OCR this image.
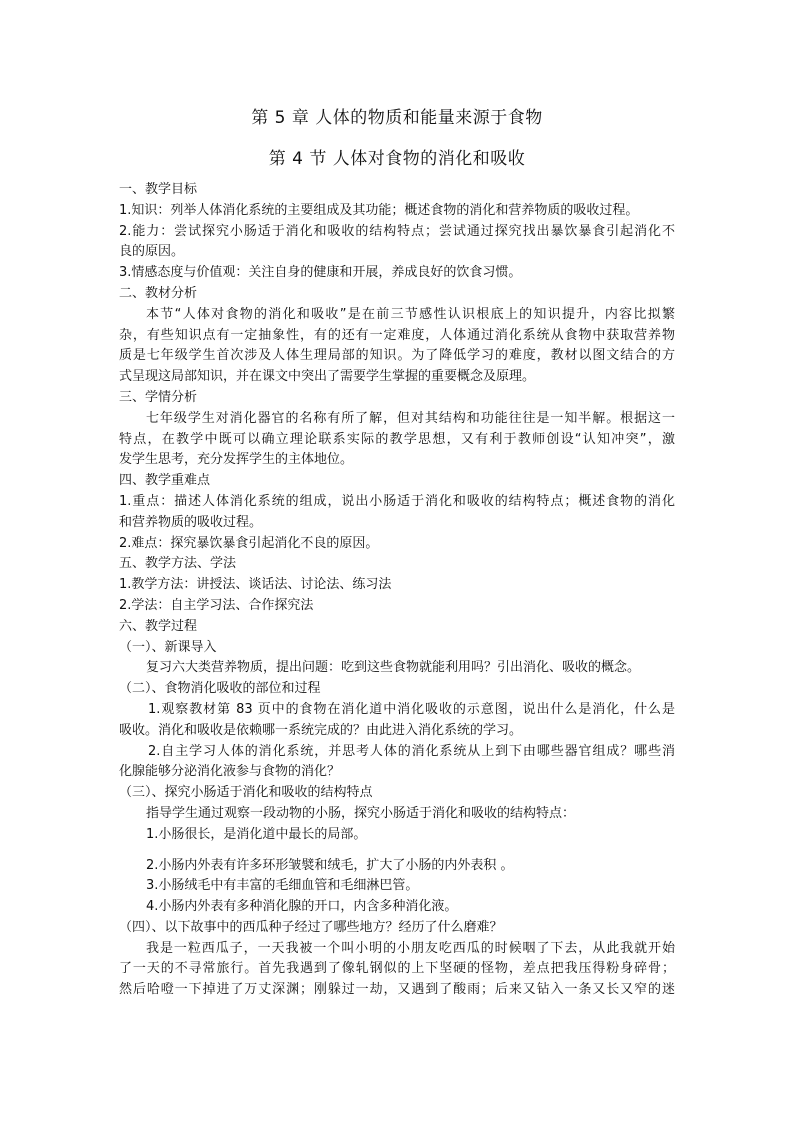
第 5 章 人体的物质和能量来源于食物
第 4 节 人体对食物的消化和吸收
一、教学目标
1.知识：列举人体消化系统的主要组成及其功能；概述食物的消化和营养物质的吸收过程。
2.能力：尝试探究小肠适于消化和吸收的结构特点；尝试通过探究找出暴饮暴食引起消化不
良的原因。
3.情感态度与价值观：关注自身的健康和开展，养成良好的饮食习惯。
二、教材分析
本节“人体对食物的消化和吸收”是在前三节感性认识根底上的知识提升，内容比拟繁
杂，有些知识点有一定抽象性，有的还有一定难度，人体通过消化系统从食物中获取营养物
质是七年级学生首次涉及人体生理局部的知识。为了降低学习的难度，教材以图文结合的方
式呈现这局部知识，并在课文中突出了需要学生掌握的重要概念及原理。
三、学情分析
七年级学生对消化器官的名称有所了解，但对其结构和功能往往是一知半解。根据这一
特点，在教学中既可以确立理论联系实际的教学思想，又有利于教师创设“认知冲突”，激
发学生思考，充分发挥学生的主体地位。
四、教学重难点
1.重点：描述人体消化系统的组成，说出小肠适于消化和吸收的结构特点；概述食物的消化
和营养物质的吸收过程。
2.难点：探究暴饮暴食引起消化不良的原因。
五、教学方法、学法
1.教学方法：讲授法、谈话法、讨论法、练习法
2.学法：自主学习法、合作探究法
六、教学过程
（一）、新课导入
复习六大类营养物质，提出问题：吃到这些食物就能利用吗？引出消化、吸收的概念。
（二）、食物消化吸收的部位和过程
1.观察教材第 83 页中的食物在消化道中消化吸收的示意图，说出什么是消化，什么是
吸收。消化和吸收是依赖哪一系统完成的？由此进入消化系统的学习。
2.自主学习人体的消化系统，并思考人体的消化系统从上到下由哪些器官组成？哪些消
化腺能够分泌消化液参与食物的消化？
（三）、探究小肠适于消化和吸收的结构特点
指导学生通过观察一段动物的小肠，探究小肠适于消化和吸收的结构特点：
1.小肠很长，是消化道中最长的局部。
2.小肠内外表有许多环形皱襞和绒毛，扩大了小肠的内外表积 。
3.小肠绒毛中有丰富的毛细血管和毛细淋巴管。
4.小肠内外表有多种消化腺的开口，内含多种消化液。
（四）、以下故事中的西瓜种子经过了哪些地方？经历了什么磨难？
我是一粒西瓜子，一天我被一个叫小明的小朋友吃西瓜的时候咽了下去，从此我就开始
了一天的不寻常旅行。首先我遇到了像轧钢似的上下坚硬的怪物，差点把我压得粉身碎骨；
然后哈噔一下掉进了万丈深渊；刚躲过一劫，又遇到了酸雨；后来又钻入一条又长又窄的迷
